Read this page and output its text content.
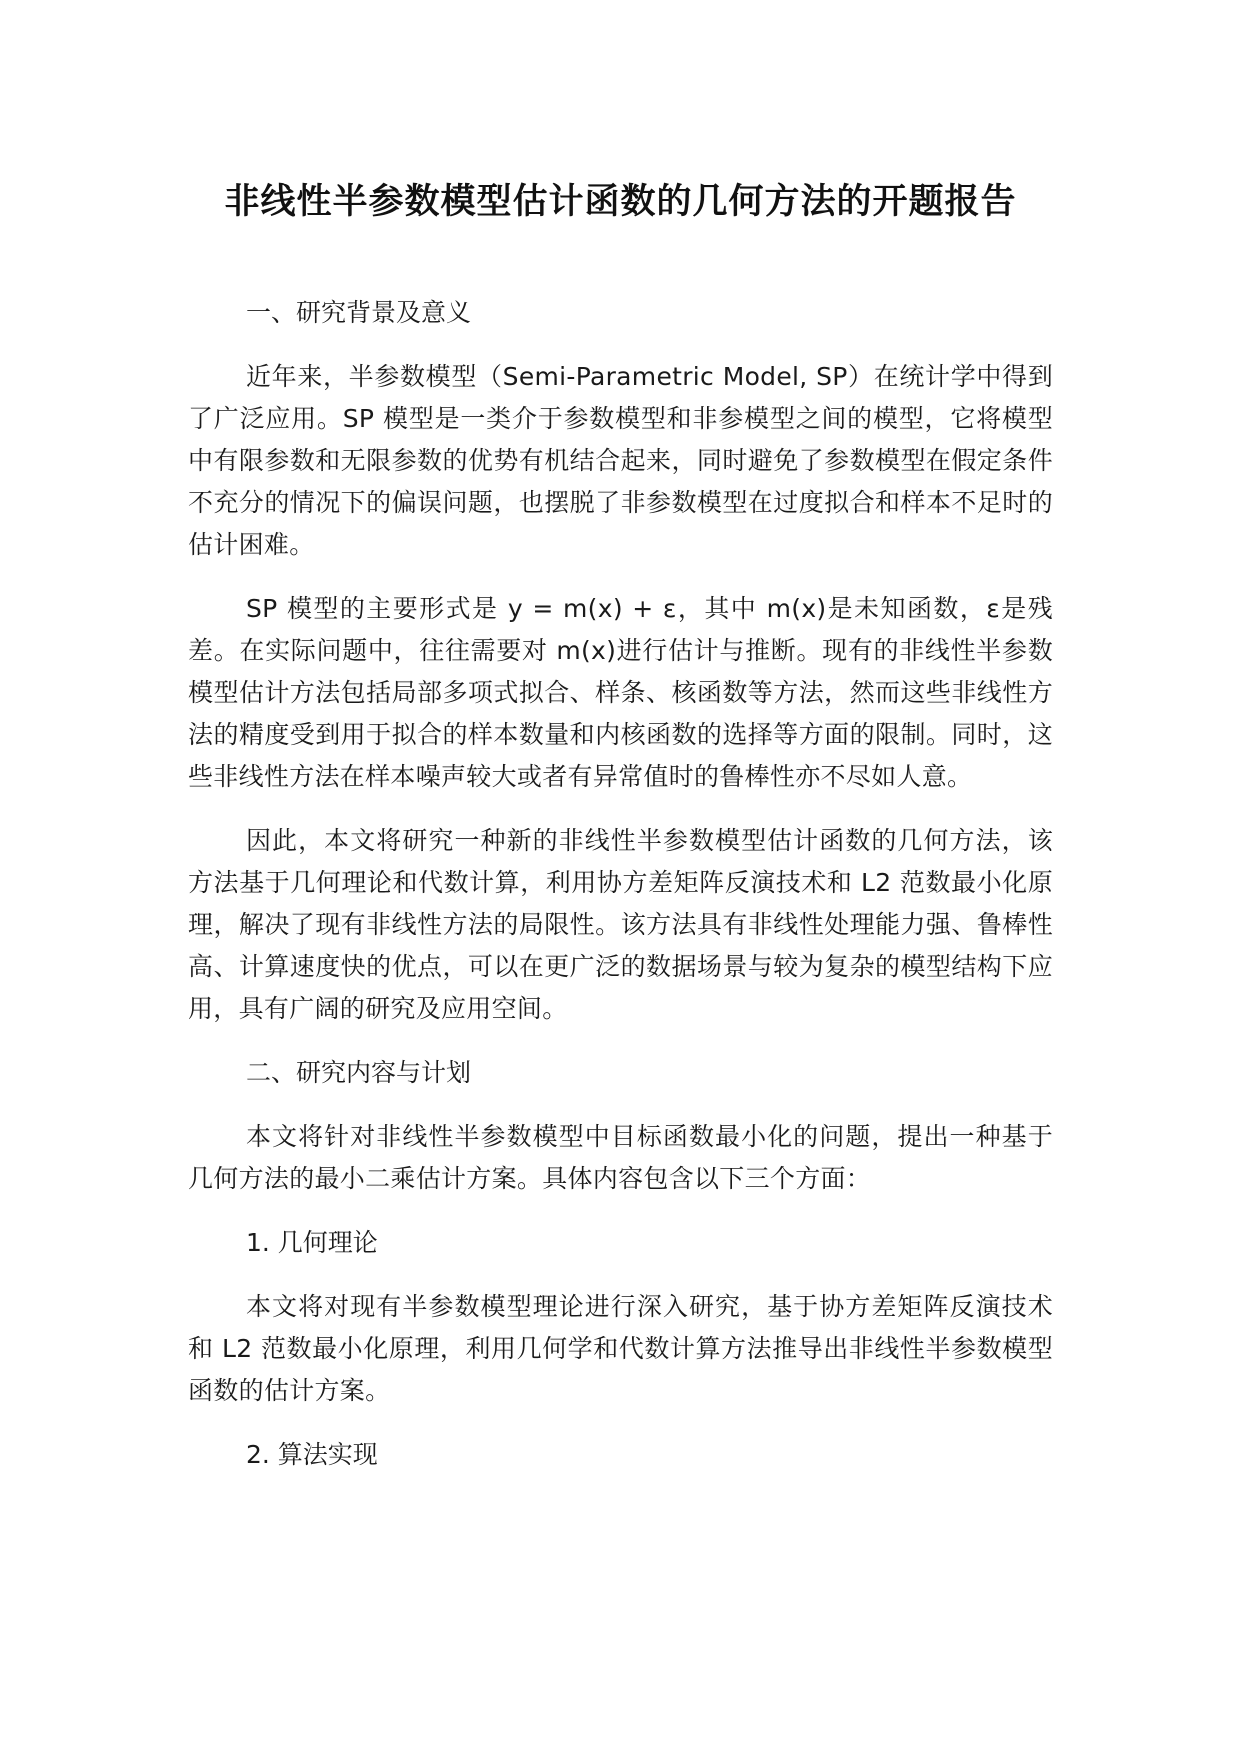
非线性半参数模型估计函数的几何方法的开题报告
一、研究背景及意义

近年来，半参数模型（Semi-Parametric Model, SP）在统计学中得到了广泛应用。SP 模型是一类介于参数模型和非参模型之间的模型，它将模型中有限参数和无限参数的优势有机结合起来，同时避免了参数模型在假定条件不充分的情况下的偏误问题，也摆脱了非参数模型在过度拟合和样本不足时的估计困难。

SP 模型的主要形式是 y = m(x) + ε，其中 m(x)是未知函数，ε是残差。在实际问题中，往往需要对 m(x)进行估计与推断。现有的非线性半参数模型估计方法包括局部多项式拟合、样条、核函数等方法，然而这些非线性方法的精度受到用于拟合的样本数量和内核函数的选择等方面的限制。同时，这些非线性方法在样本噪声较大或者有异常值时的鲁棒性亦不尽如人意。

因此，本文将研究一种新的非线性半参数模型估计函数的几何方法，该方法基于几何理论和代数计算，利用协方差矩阵反演技术和 L2 范数最小化原理，解决了现有非线性方法的局限性。该方法具有非线性处理能力强、鲁棒性高、计算速度快的优点，可以在更广泛的数据场景与较为复杂的模型结构下应用，具有广阔的研究及应用空间。

二、研究内容与计划

本文将针对非线性半参数模型中目标函数最小化的问题，提出一种基于几何方法的最小二乘估计方案。具体内容包含以下三个方面：

1. 几何理论

本文将对现有半参数模型理论进行深入研究，基于协方差矩阵反演技术和 L2 范数最小化原理，利用几何学和代数计算方法推导出非线性半参数模型函数的估计方案。

2. 算法实现
